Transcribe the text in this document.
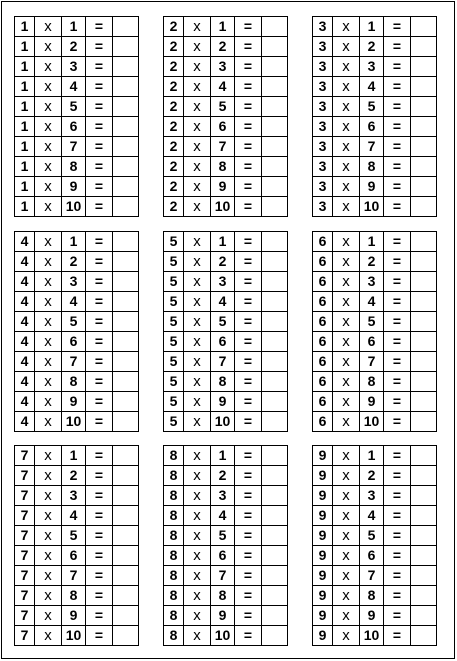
1	x	1	=	
1	x	2	=	
1	x	3	=	
1	x	4	=	
1	x	5	=	
1	x	6	=	
1	x	7	=	
1	x	8	=	
1	x	9	=	
1	x	10	=	
2	x	1	=	
2	x	2	=	
2	x	3	=	
2	x	4	=	
2	x	5	=	
2	x	6	=	
2	x	7	=	
2	x	8	=	
2	x	9	=	
2	x	10	=	
3	x	1	=	
3	x	2	=	
3	x	3	=	
3	x	4	=	
3	x	5	=	
3	x	6	=	
3	x	7	=	
3	x	8	=	
3	x	9	=	
3	x	10	=	
4	x	1	=	
4	x	2	=	
4	x	3	=	
4	x	4	=	
4	x	5	=	
4	x	6	=	
4	x	7	=	
4	x	8	=	
4	x	9	=	
4	x	10	=	
5	x	1	=	
5	x	2	=	
5	x	3	=	
5	x	4	=	
5	x	5	=	
5	x	6	=	
5	x	7	=	
5	x	8	=	
5	x	9	=	
5	x	10	=	
6	x	1	=	
6	x	2	=	
6	x	3	=	
6	x	4	=	
6	x	5	=	
6	x	6	=	
6	x	7	=	
6	x	8	=	
6	x	9	=	
6	x	10	=	
7	x	1	=	
7	x	2	=	
7	x	3	=	
7	x	4	=	
7	x	5	=	
7	x	6	=	
7	x	7	=	
7	x	8	=	
7	x	9	=	
7	x	10	=	
8	x	1	=	
8	x	2	=	
8	x	3	=	
8	x	4	=	
8	x	5	=	
8	x	6	=	
8	x	7	=	
8	x	8	=	
8	x	9	=	
8	x	10	=	
9	x	1	=	
9	x	2	=	
9	x	3	=	
9	x	4	=	
9	x	5	=	
9	x	6	=	
9	x	7	=	
9	x	8	=	
9	x	9	=	
9	x	10	=	
